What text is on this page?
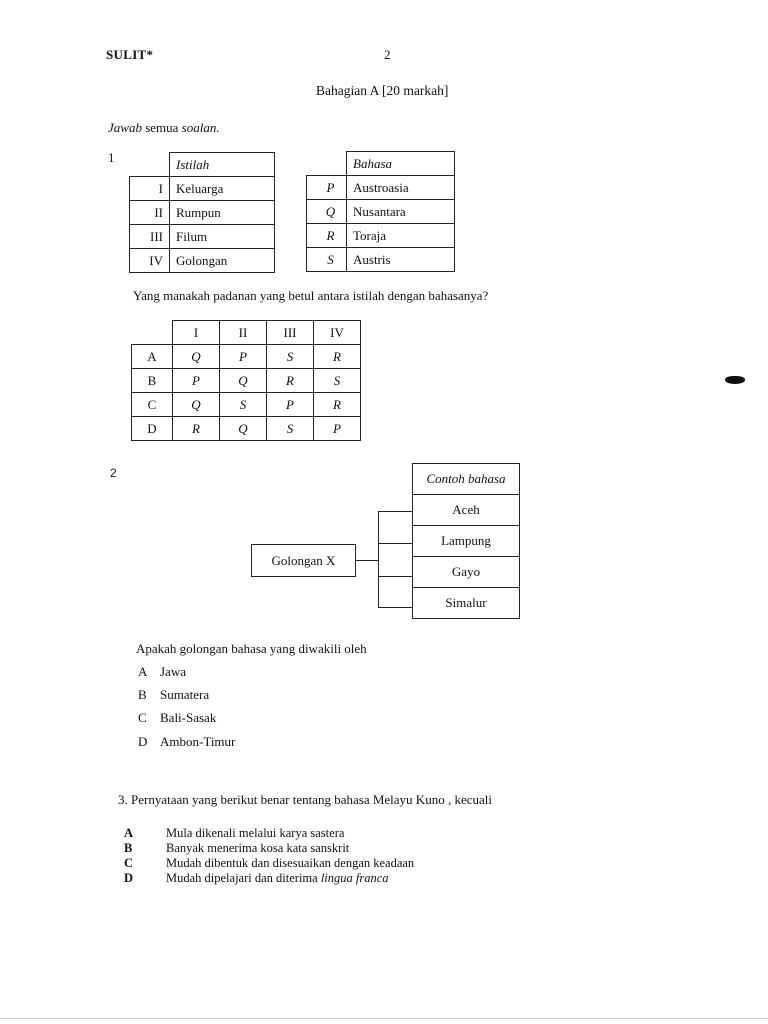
SULIT*	2
Bahagian A [20 markah]
Jawab semua soalan.
1
		Istilah
I	Keluarga
II	Rumpun
III	Filum
IV	Golongan
	Bahasa
P	Austroasia
Q	Nusantara
R	Toraja
S	Austris
Yang manakah padanan yang betul antara istilah dengan bahasanya?
	I	II	III	IV
A	Q	P	S	R
B	P	Q	R	S
C	Q	S	P	R
D	R	Q	S	P
2	Contoh bahasa
Aceh
Lampung
Gayo
Simalur
Golongan X
Apakah golongan bahasa yang diwakili oleh
A Jawa
B Sumatera
C Bali-Sasak
D Ambon-Timur
3. Pernyataan yang berikut benar tentang bahasa Melayu Kuno , kecuali
A	Mula dikenali melalui karya sastera
B	Banyak menerima kosa kata sanskrit
C	Mudah dibentuk dan disesuaikan dengan keadaan
D	Mudah dipelajari dan diterima lingua franca
